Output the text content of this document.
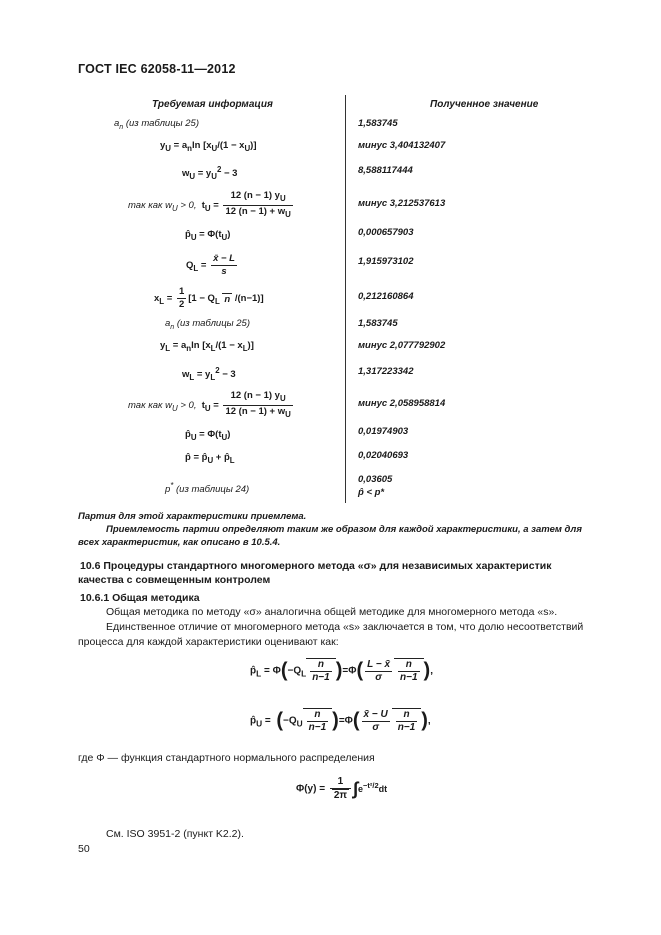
ГОСТ IEC 62058-11—2012
Требуемая информация	Полученное значение
$a_n$ (из таблицы 25)
$y_U = a_n\ln$ $[x_U/(1 - x_U)]$
$w_U = y_U^2 - 3$
так как $w_U > 0$,  $t_U = \frac{12 (n - 1) y_U}{12 (n - 1) + w_U}$
$p̂_U = \Phi(t_U)$
$Q_L = \frac{x̄ - L}{s}$
$x_L = \frac{1}{2} [1 - Q_L$ n /(n−1)]
$a_n$ (из таблицы 25)
$y_L = a_n\ln$ $[x_L/(1 - x_L)]$
$w_L = y_L^2 - 3$
так как $w_U > 0$,  $t_U = \frac{12 (n - 1) y_U}{12 (n - 1) + w_U}$
$p̂_U = \Phi(t_U)$
p̂ = $p̂_U$ + $p̂_L$
p* (из таблицы 24)
1,583745
минус 3,404132407
8,588117444
минус 3,212537613
0,000657903
1,915973102
0,212160864
1,583745
минус 2,077792902
1,317223342
минус 2,058958814
0,01974903
0,02040693
0,03605
p̂ < p*
Партия для этой характеристики приемлема.
Приемлемость партии определяют таким же образом для каждой характеристики, а затем для
всех характеристик, как описано в 10.5.4.
10.6 Процедуры стандартного многомерного метода «σ» для независимых характеристик
качества с совмещенным контролем
10.6.1 Общая методика
Общая методика по методу «σ» аналогична общей методике для многомерного метода «s».
Единственное отличие от многомерного метода «s» заключается в том, что долю несоответствий
процесса для каждой характеристики оценивают как:
$p̂_L = \Phi(-Q_L \frac{n}{n-1} )=\Phi( \frac{L - x̄}{\sigma} \frac{n}{n-1}$ ),
$p̂_U = (-Q_U \frac{n}{n-1} )=\Phi( \frac{x̄ - U}{\sigma} \frac{n}{n-1}$ ),
где Φ — функция стандартного нормального распределения
$\Phi(y) = \frac{1}{2\pi} \int e^{-t^2/2}dt$
См. ISO 3951-2 (пункт K2.2).
50
